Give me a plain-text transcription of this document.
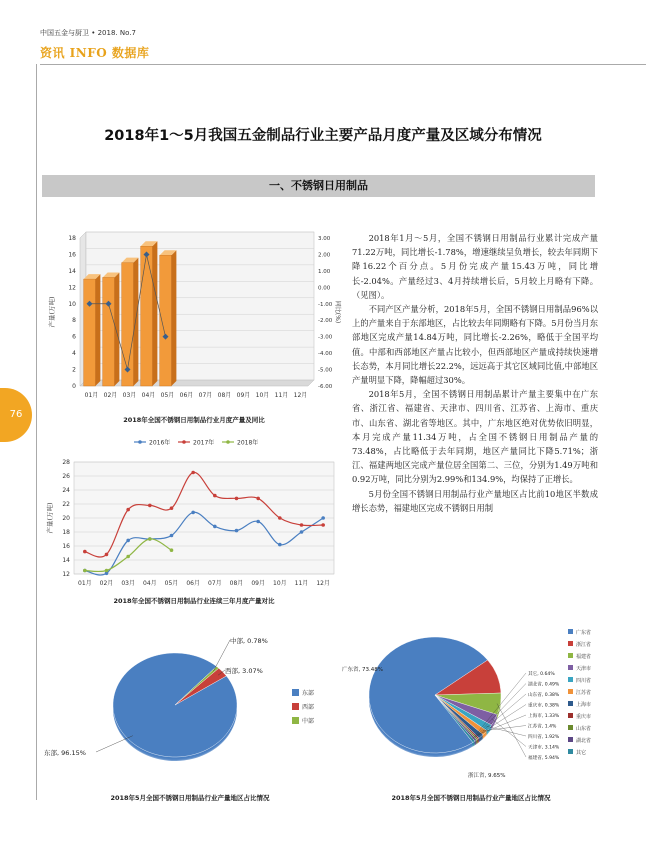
中国五金与厨卫 • 2018. No.7
资讯 INFO 数据库
76
2018年1～5月我国五金制品行业主要产品月度产量及区域分布情况
一、不锈钢日用制品
0
2
4
6
8
10
12
14
16
18	3.00
2.00
1.00
0.00
-1.00
-2.00
-3.00
-4.00
-5.00
-6.00
产量(万吨)	同比(%)
01月 02月 03月 04月 05月 06月 07月 08月 09月 10月 11月 12月
2018年全国不锈钢日用制品行业月度产量及同比
2016年	2017年	2018年
12
14
16
18
20
22
24
26
28
产量(万吨)
01月 02月 03月 04月 05月 06月 07月 08月 09月 10月 11月 12月
2018年全国不锈钢日用制品行业连续三年月度产量对比

2018年1月～5月，全国不锈钢日用制品行业累计完成产量71.22万吨，同比增长-1.78%，增速继续呈负增长，较去年同期下降16.22个百分点。5月份完成产量15.43万吨，同比增长-2.04%。产量经过3、4月持续增长后，5月较上月略有下降。（见图）。

不同产区产量分析，2018年5月，全国不锈钢日用制品96%以上的产量来自于东部地区，占比较去年同期略有下降。5月份当月东部地区完成产量14.84万吨，同比增长-2.26%，略低于全国平均值。中部和西部地区产量占比较小，但西部地区产量成持续快速增长态势，本月同比增长22.2%，远远高于其它区域同比值,中部地区产量明显下降，降幅超过30%。

2018年5月，全国不锈钢日用制品累计产量主要集中在广东省、浙江省、福建省、天津市、四川省、江苏省、上海市、重庆市、山东省、湖北省等地区。其中，广东地区绝对优势依旧明显，本月完成产量11.34万吨，占全国不锈钢日用制品产量的73.48%，占比略低于去年同期，地区产量同比下降5.71%；浙江、福建两地区完成产量位居全国第二、三位，分别为1.49万吨和0.92万吨，同比分别为2.99%和134.9%，均保持了正增长。

5月份全国不锈钢日用制品行业产量地区占比前10地区半数成增长态势，福建地区完成不锈钢日用制

东部, 96.15%
中部, 0.78%
西部, 3.07%
东部
西部
中部
2018年5月全国不锈钢日用制品行业产量地区占比情况
广东省, 73.48%
浙江省, 9.65%
其它, 0.64%
湖北省, 0.49%
山东省, 0.38%
重庆市, 0.38%
上海市, 1.33%
江苏省, 1.4%
四川省, 1.92%
天津市, 3.14%
福建省, 5.94%
广东省
浙江省
福建省
天津市
四川省
江苏省
上海市
重庆市
山东省
湖北省
其它
2018年5月全国不锈钢日用制品行业产量地区占比情况
